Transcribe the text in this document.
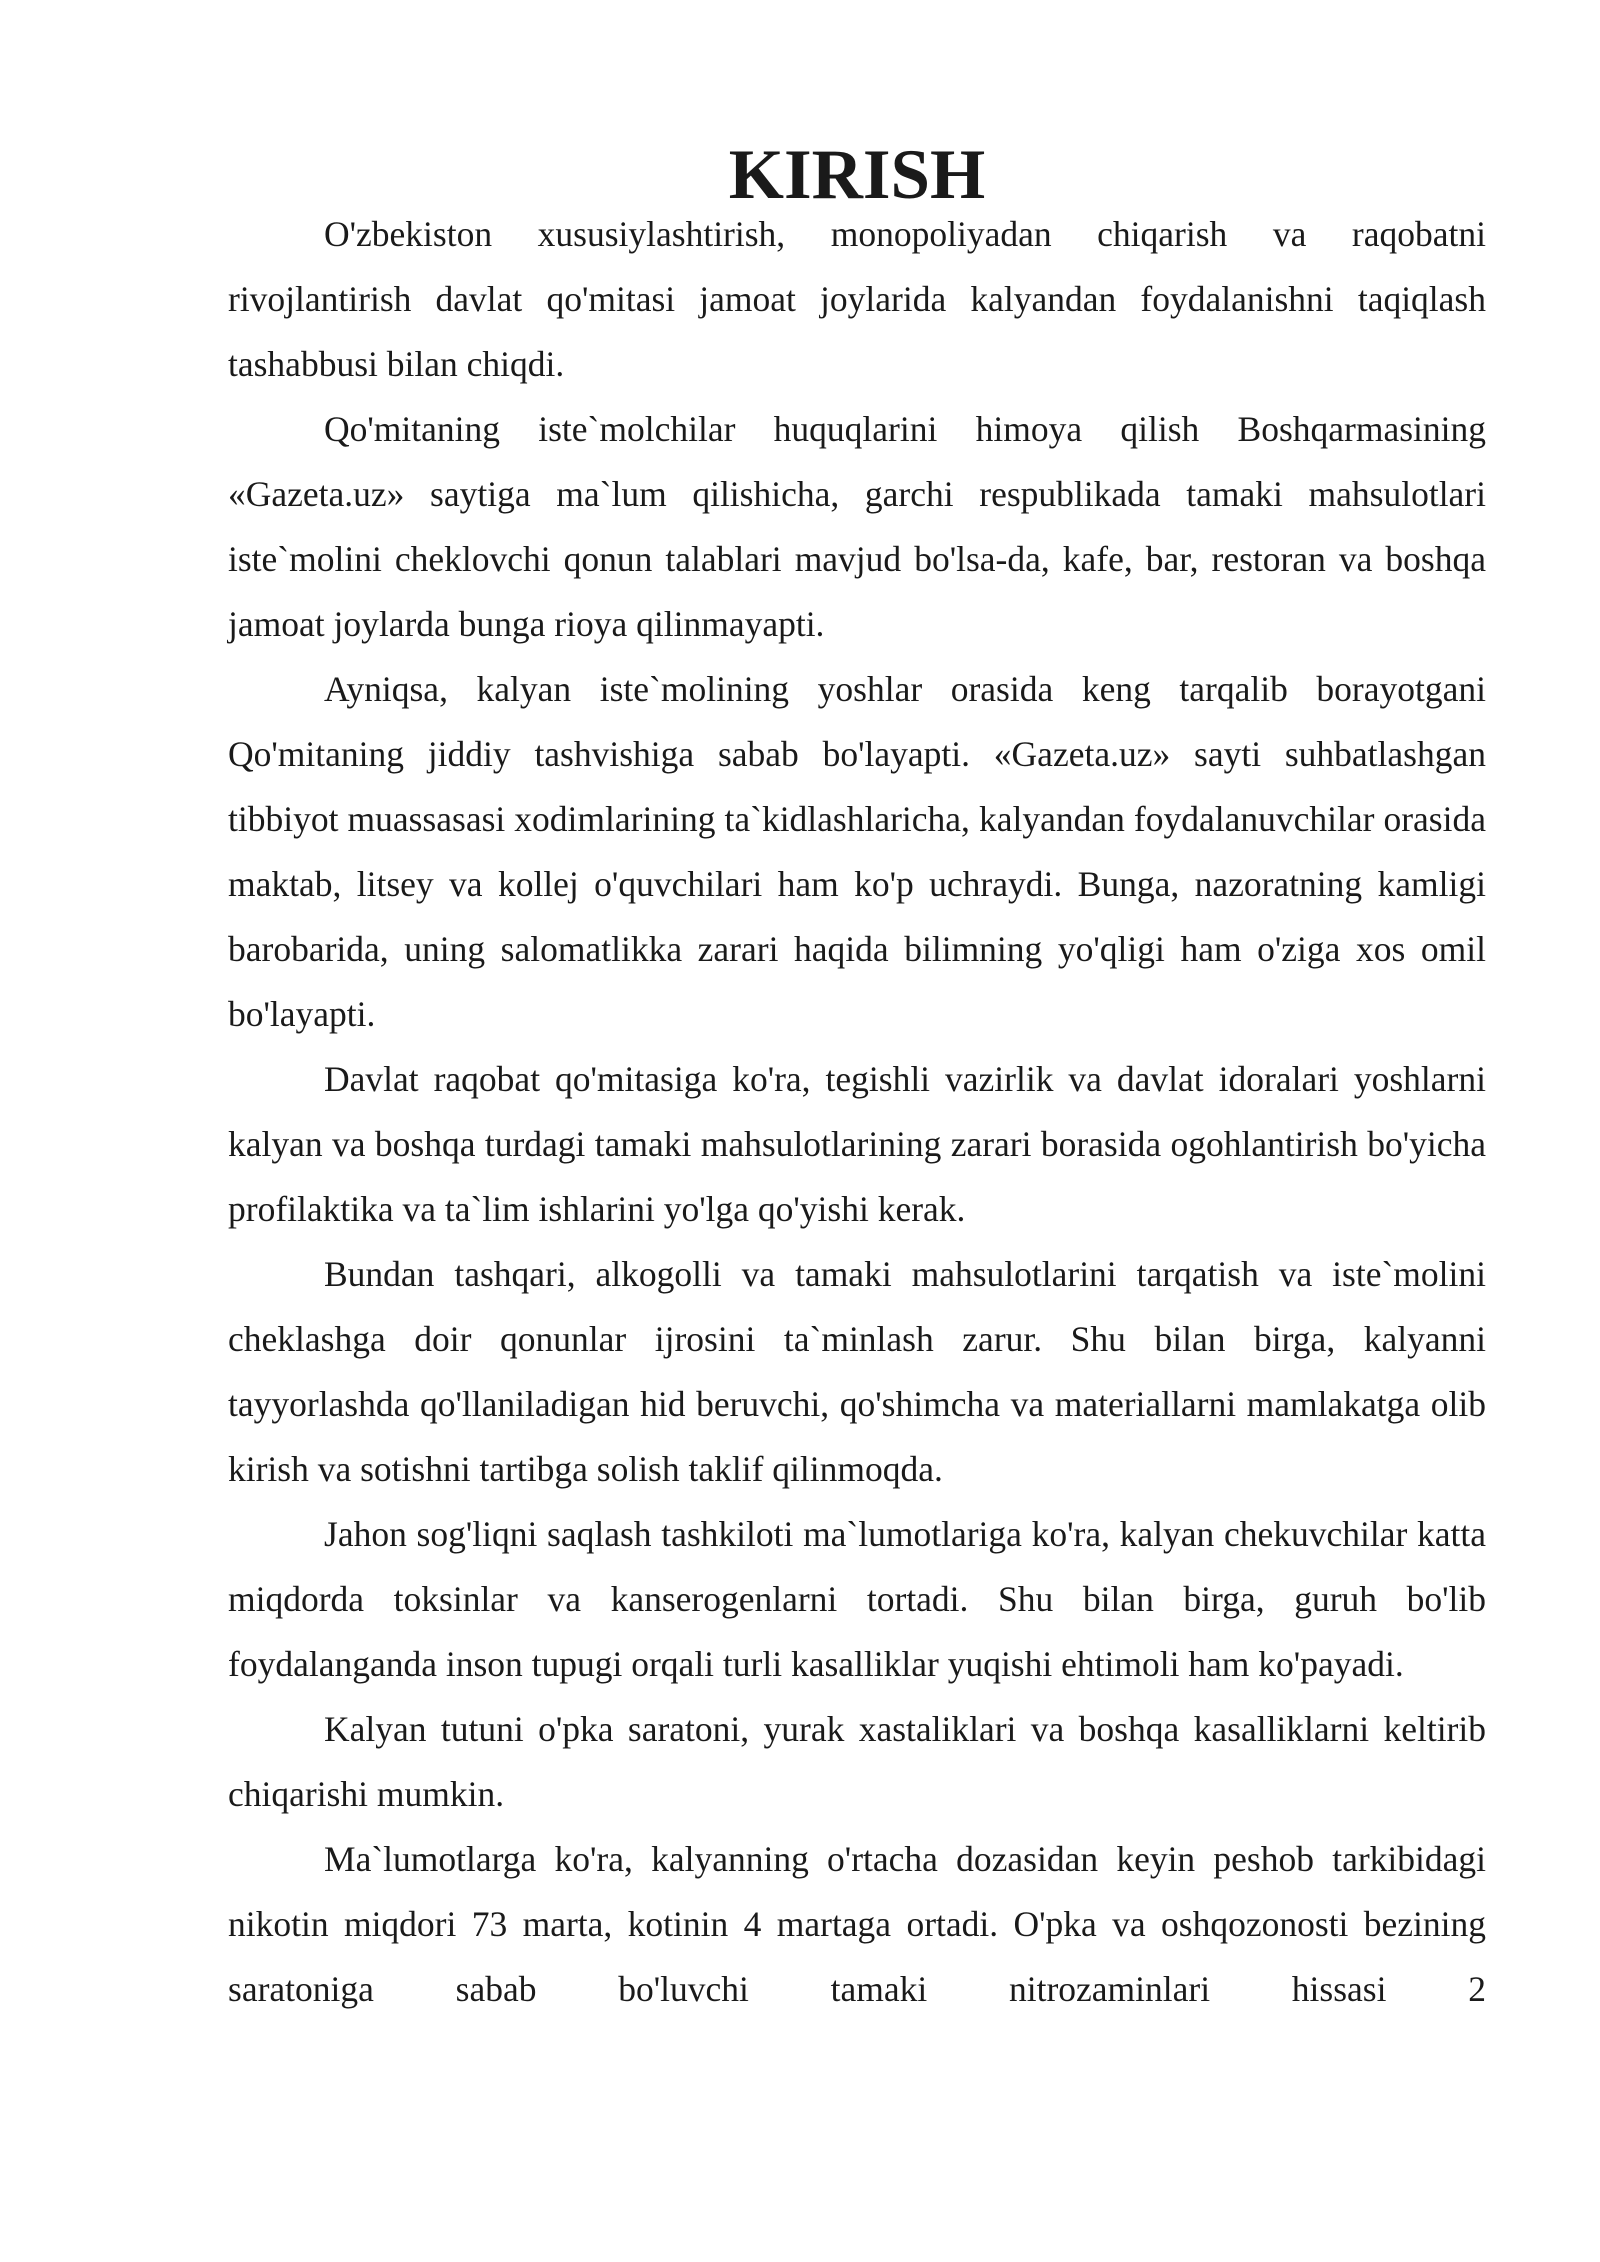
KIRISH

O'zbekiston xususiylashtirish, monopoliyadan chiqarish va raqobatni rivojlantirish davlat qo'mitasi jamoat joylarida kalyandan foydalanishni taqiqlash tashabbusi bilan chiqdi.

Qo'mitaning iste`molchilar huquqlarini himoya qilish Boshqarmasining «Gazeta.uz» saytiga ma`lum qilishicha, garchi respublikada tamaki mahsulotlari iste`molini cheklovchi qonun talablari mavjud bo'lsa-da, kafe, bar, restoran va boshqa jamoat joylarda bunga rioya qilinmayapti.

Ayniqsa, kalyan iste`molining yoshlar orasida keng tarqalib borayotgani Qo'mitaning jiddiy tashvishiga sabab bo'layapti. «Gazeta.uz» sayti suhbatlashgan tibbiyot muassasasi xodimlarining ta`kidlashlaricha, kalyandan foydalanuvchilar orasida maktab, litsey va kollej o'quvchilari ham ko'p uchraydi. Bunga, nazoratning kamligi barobarida, uning salomatlikka zarari haqida bilimning yo'qligi ham o'ziga xos omil bo'layapti.

Davlat raqobat qo'mitasiga ko'ra, tegishli vazirlik va davlat idoralari yoshlarni kalyan va boshqa turdagi tamaki mahsulotlarining zarari borasida ogohlantirish bo'yicha profilaktika va ta`lim ishlarini yo'lga qo'yishi kerak.

Bundan tashqari, alkogolli va tamaki mahsulotlarini tarqatish va iste`molini cheklashga doir qonunlar ijrosini ta`minlash zarur. Shu bilan birga, kalyanni tayyorlashda qo'llaniladigan hid beruvchi, qo'shimcha va materiallarni mamlakatga olib kirish va sotishni tartibga solish taklif qilinmoqda.

Jahon sog'liqni saqlash tashkiloti ma`lumotlariga ko'ra, kalyan chekuvchilar katta miqdorda toksinlar va kanserogenlarni tortadi. Shu bilan birga, guruh bo'lib foydalanganda inson tupugi orqali turli kasalliklar yuqishi ehtimoli ham ko'payadi.

Kalyan tutuni o'pka saratoni, yurak xastaliklari va boshqa kasalliklarni keltirib chiqarishi mumkin.

Ma`lumotlarga ko'ra, kalyanning o'rtacha dozasidan keyin peshob tarkibidagi nikotin miqdori 73 marta, kotinin 4 martaga ortadi. O'pka va oshqozonosti bezining saratoniga sabab bo'luvchi tamaki nitrozaminlari hissasi 2
